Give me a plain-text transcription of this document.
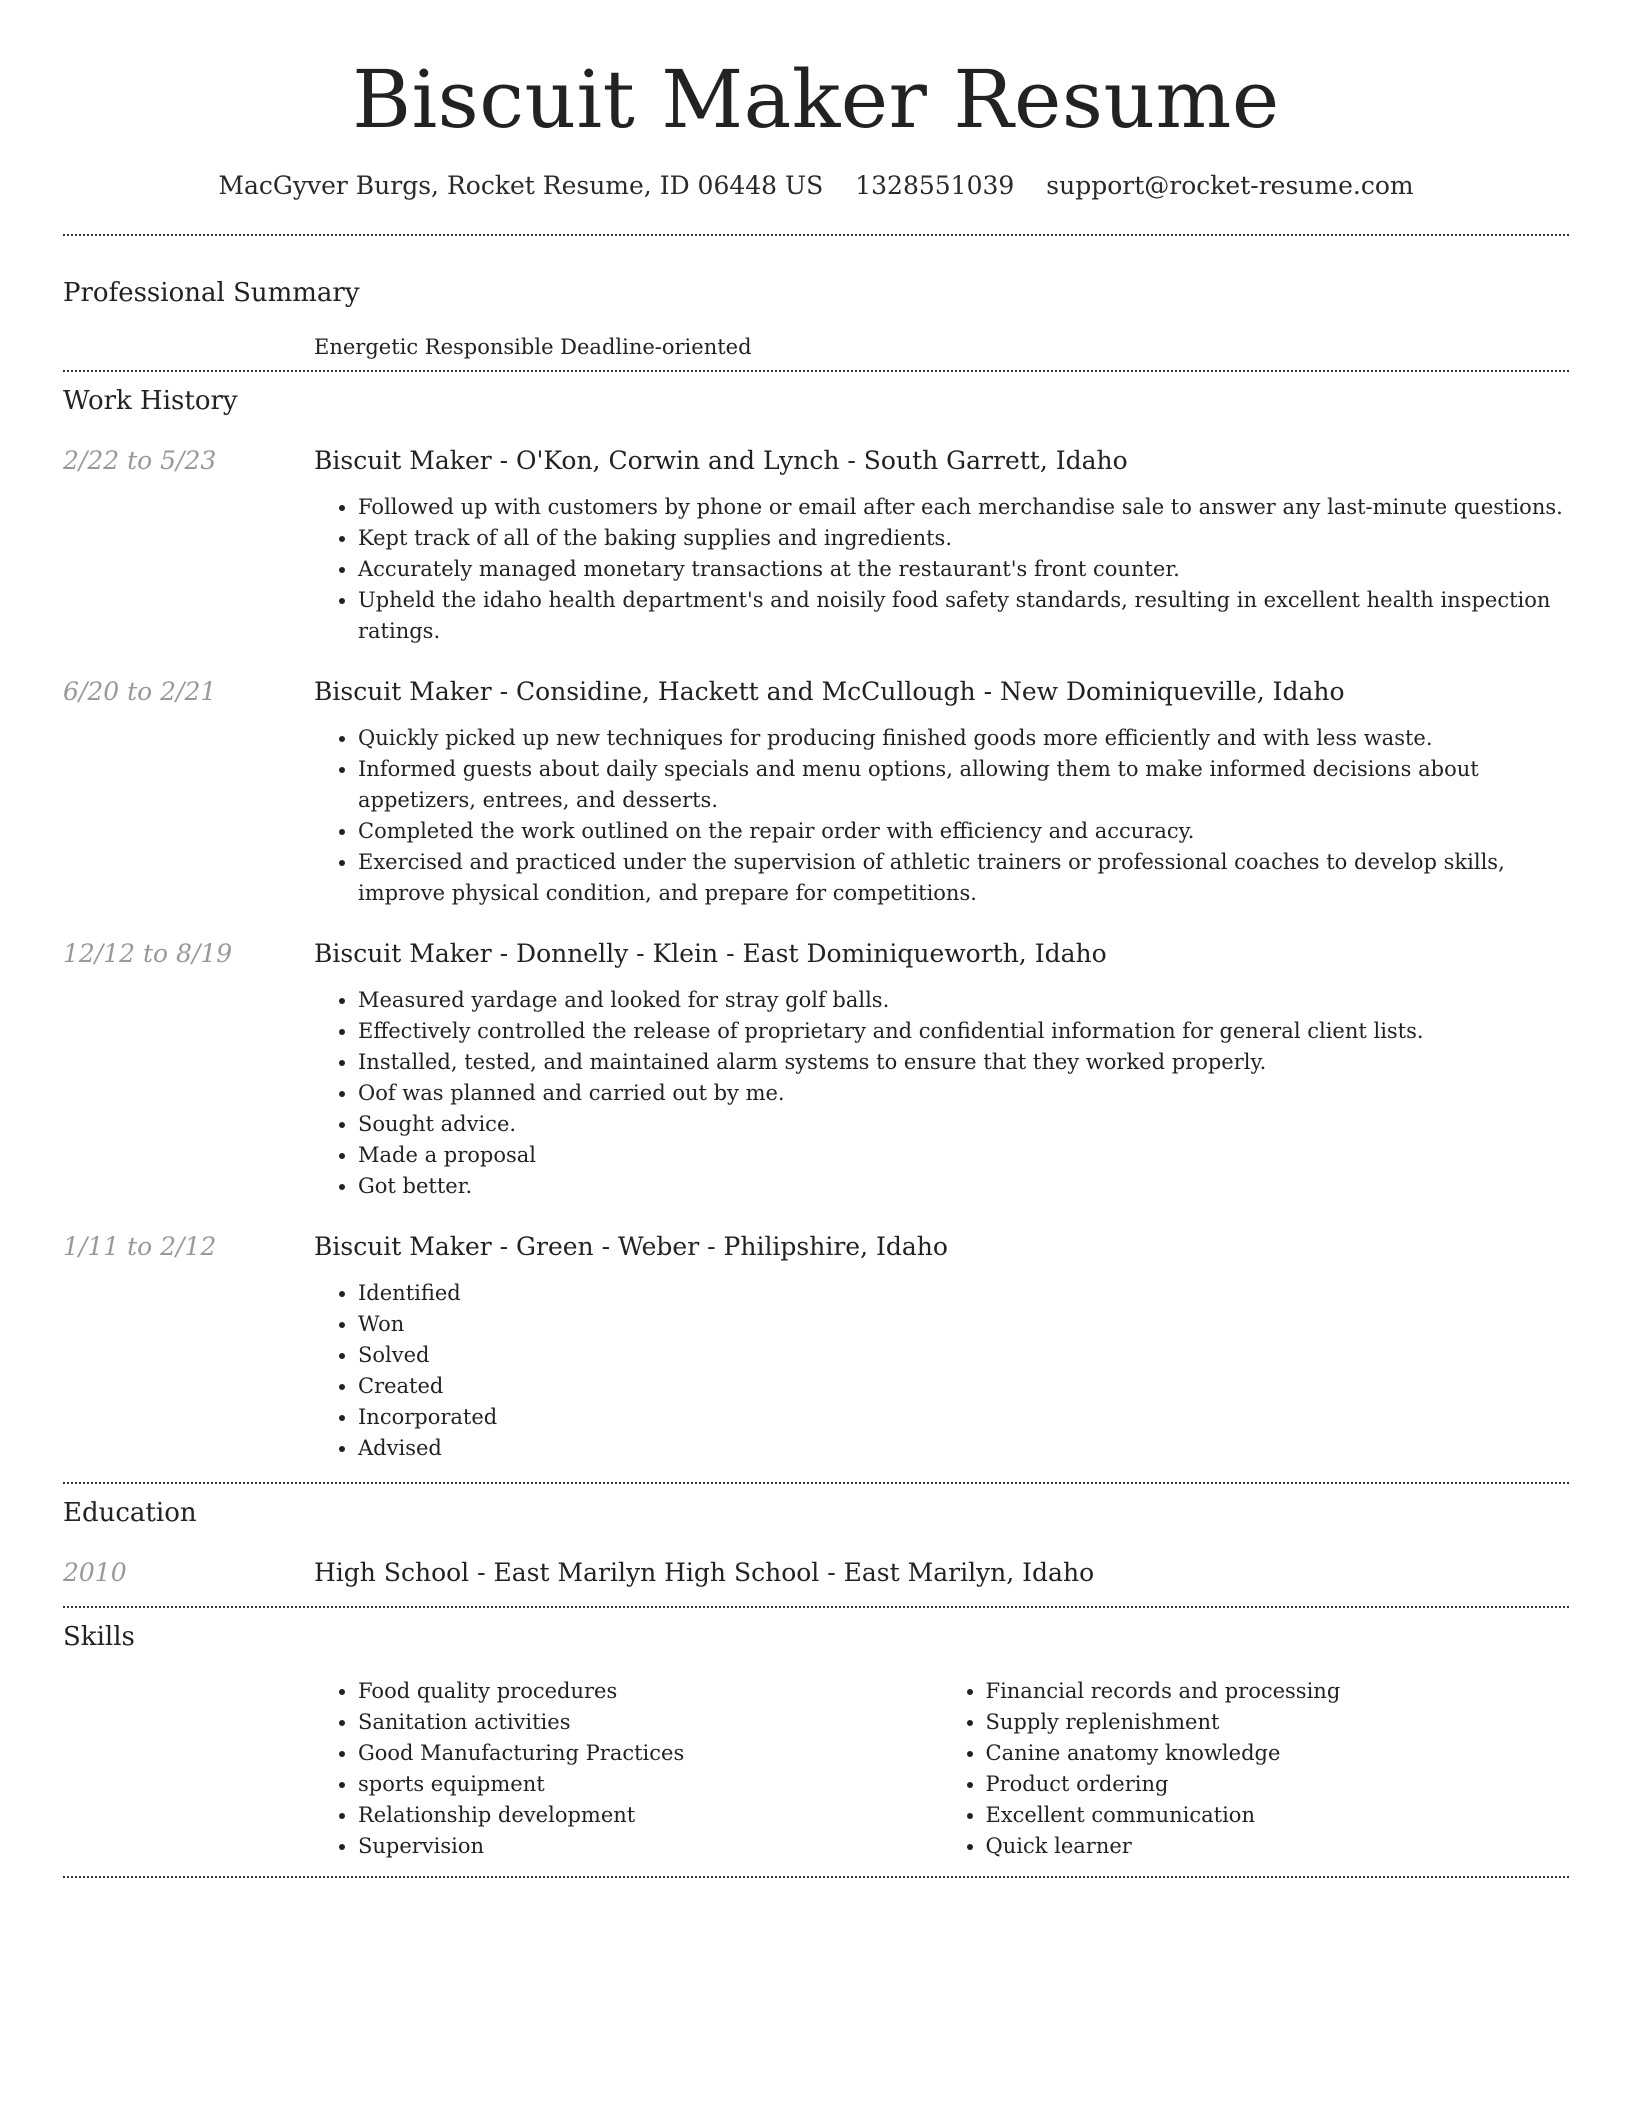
Biscuit Maker Resume
MacGyver Burgs, Rocket Resume, ID 06448 US 1328551039 support@rocket-resume.com
Professional Summary
Energetic Responsible Deadline-oriented
Work History
2/22 to 5/23	Biscuit Maker - O'Kon, Corwin and Lynch - South Garrett, Idaho
• Followed up with customers by phone or email after each merchandise sale to answer any last-minute questions.
• Kept track of all of the baking supplies and ingredients.
• Accurately managed monetary transactions at the restaurant's front counter.
• Upheld the idaho health department's and noisily food safety standards, resulting in excellent health inspection ratings.
6/20 to 2/21	Biscuit Maker - Considine, Hackett and McCullough - New Dominiqueville, Idaho
• Quickly picked up new techniques for producing finished goods more efficiently and with less waste.
• Informed guests about daily specials and menu options, allowing them to make informed decisions about appetizers, entrees, and desserts.
• Completed the work outlined on the repair order with efficiency and accuracy.
• Exercised and practiced under the supervision of athletic trainers or professional coaches to develop skills, improve physical condition, and prepare for competitions.
12/12 to 8/19	Biscuit Maker - Donnelly - Klein - East Dominiqueworth, Idaho
• Measured yardage and looked for stray golf balls.
• Effectively controlled the release of proprietary and confidential information for general client lists.
• Installed, tested, and maintained alarm systems to ensure that they worked properly.
• Oof was planned and carried out by me.
• Sought advice.
• Made a proposal
• Got better.
1/11 to 2/12	Biscuit Maker - Green - Weber - Philipshire, Idaho
• Identified
• Won
• Solved
• Created
• Incorporated
• Advised
Education
2010	High School - East Marilyn High School - East Marilyn, Idaho
Skills
• Food quality procedures
• Sanitation activities
• Good Manufacturing Practices
• sports equipment
• Relationship development
• Supervision
• Financial records and processing
• Supply replenishment
• Canine anatomy knowledge
• Product ordering
• Excellent communication
• Quick learner
